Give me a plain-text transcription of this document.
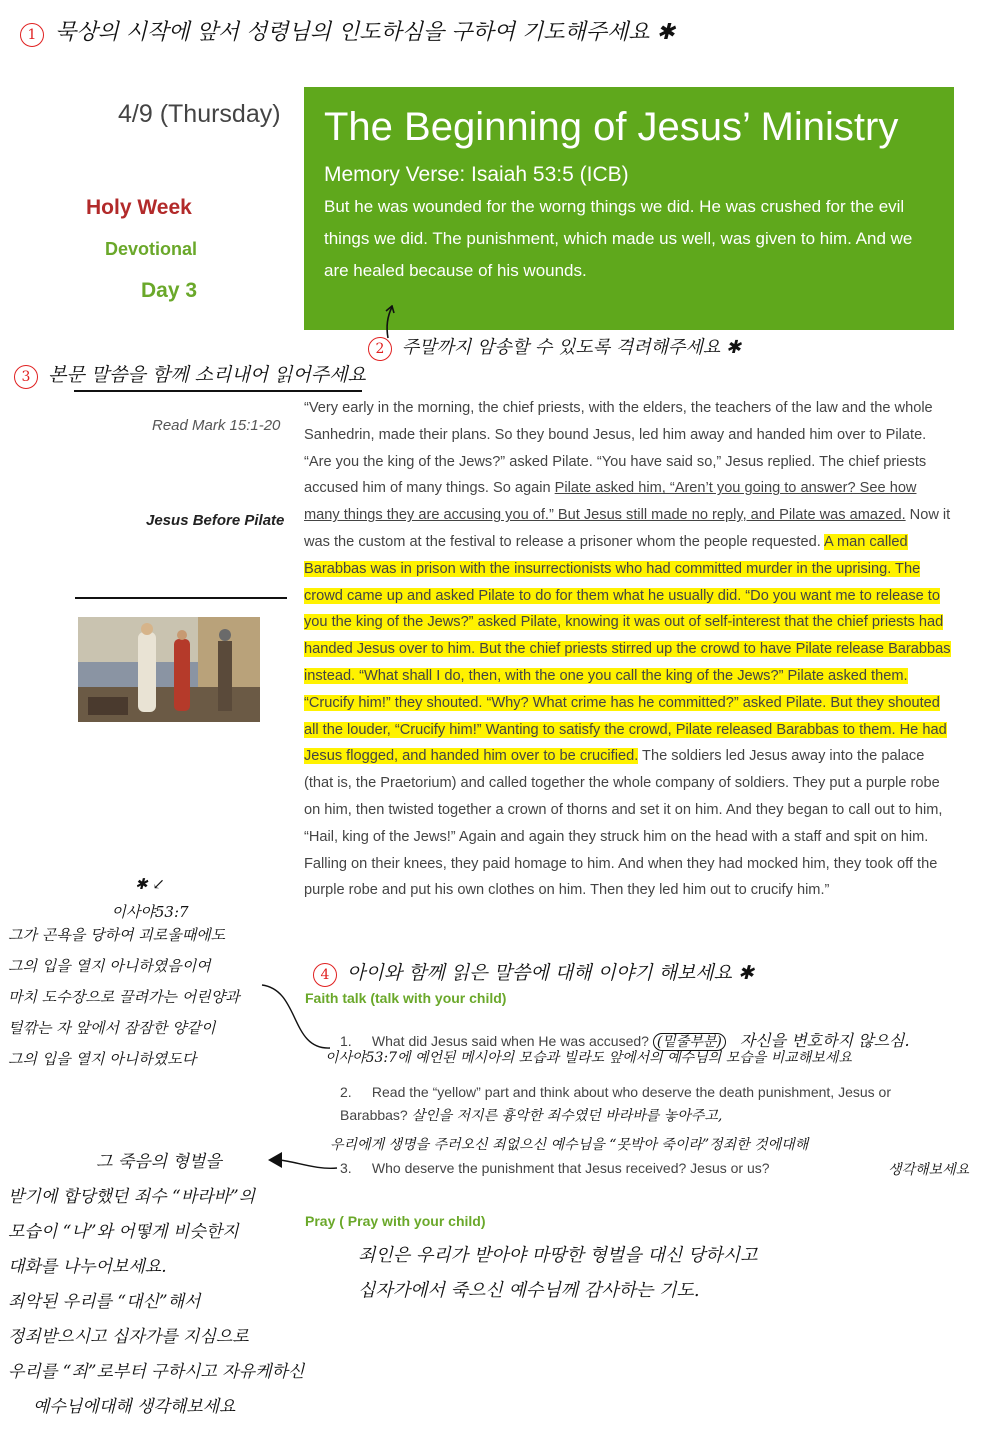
1 묵상의 시작에 앞서 성령님의 인도하심을 구하여 기도해주세요 ✱
4/9 (Thursday)
Holy Week
Devotional
Day 3
The Beginning of Jesus’ Ministry
Memory Verse: Isaiah 53:5 (ICB)
But he was wounded for the worng things we did. He was crushed for the evil things we did. The punishment, which made us well, was given to him. And we are healed because of his wounds.
2 주말까지 암송할 수 있도록 격려해주세요 ✱
3 본문 말씀을 함께 소리내어 읽어주세요
Read Mark 15:1-20
Jesus Before Pilate
“Very early in the morning, the chief priests, with the elders, the teachers of the law and the whole Sanhedrin, made their plans. So they bound Jesus, led him away and handed him over to Pilate. “Are you the king of the Jews?” asked Pilate. “You have said so,” Jesus replied. The chief priests accused him of many things. So again Pilate asked him, “Aren’t you going to answer? See how many things they are accusing you of.” But Jesus still made no reply, and Pilate was amazed. Now it was the custom at the festival to release a prisoner whom the people requested. A man called Barabbas was in prison with the insurrectionists who had committed murder in the uprising. The crowd came up and asked Pilate to do for them what he usually did. “Do you want me to release to you the king of the Jews?” asked Pilate, knowing it was out of self-interest that the chief priests had handed Jesus over to him. But the chief priests stirred up the crowd to have Pilate release Barabbas instead. “What shall I do, then, with the one you call the king of the Jews?” Pilate asked them. “Crucify him!” they shouted. “Why? What crime has he committed?” asked Pilate. But they shouted all the louder, “Crucify him!” Wanting to satisfy the crowd, Pilate released Barabbas to them. He had Jesus flogged, and handed him over to be crucified. The soldiers led Jesus away into the palace (that is, the Praetorium) and called together the whole company of soldiers. They put a purple robe on him, then twisted together a crown of thorns and set it on him. And they began to call out to him, “Hail, king of the Jews!” Again and again they struck him on the head with a staff and spit on him. Falling on their knees, they paid homage to him. And when they had mocked him, they took off the purple robe and put his own clothes on him. Then they led him out to crucify him.”
4 아이와 함께 읽은 말씀에 대해 이야기 해보세요 ✱
Faith talk (talk with your child)
1. What did Jesus said when He was accused? (밑줄부분) 자신을 변호하지 않으심.
이사야53:7에 예언된 메시아의 모습과 빌라도 앞에서의 예수님의 모습을 비교해보세요
2. Read the “yellow” part and think about who deserve the death punishment, Jesus or Barabbas? 살인을 저지른 흉악한 죄수였던 바라바를 놓아주고,
우리에게 생명을 주러오신 죄없으신 예수님을 “못박아 죽이라”정죄한 것에대해
생각해보세요
3. Who deserve the punishment that Jesus received? Jesus or us?
Pray ( Pray with your child)
죄인은 우리가 받아야 마땅한 형벌을 대신 당하시고
십자가에서 죽으신 예수님께 감사하는 기도.
✱ ↙
이사야53:7
그가 곤욕을 당하여 괴로울때에도
그의 입을 열지 아니하였음이여
마치 도수장으로 끌려가는 어린양과
털깎는 자 앞에서 잠잠한 양같이
그의 입을 열지 아니하였도다
그 죽음의 형벌을
받기에 합당했던 죄수 “바라바”의
모습이 “나”와 어떻게 비슷한지
대화를 나누어보세요.
죄악된 우리를 “대신”해서
정죄받으시고 십자가를 지심으로
우리를 “죄”로부터 구하시고 자유케하신
예수님에대해 생각해보세요
